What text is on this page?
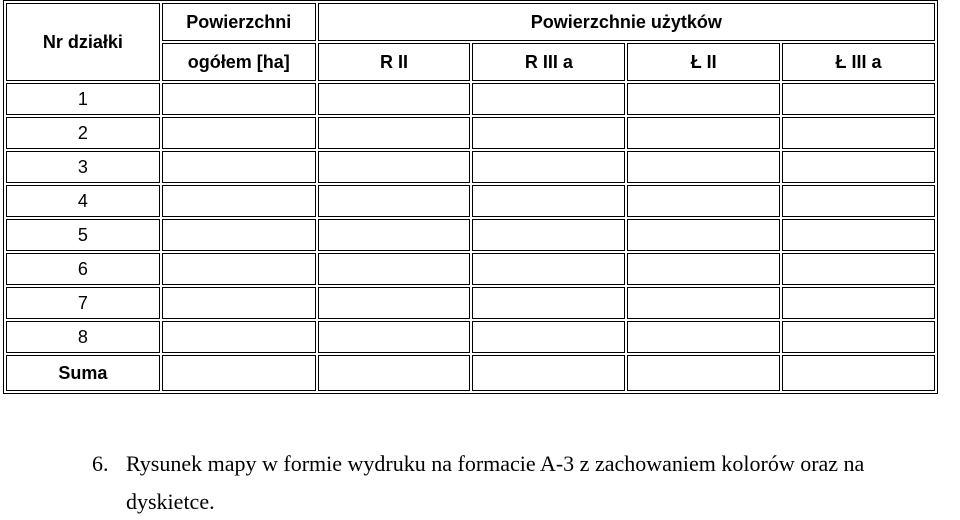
Nr działki	Powierzchni	Powierzchnie użytków			
	ogółem [ha]	R II	R III a	Ł II	Ł III a
1					
2					
3					
4					
5					
6					
7					
8					
Suma					
6. Rysunek mapy w formie wydruku na formacie A-3 z zachowaniem kolorów oraz na
dyskietce.
